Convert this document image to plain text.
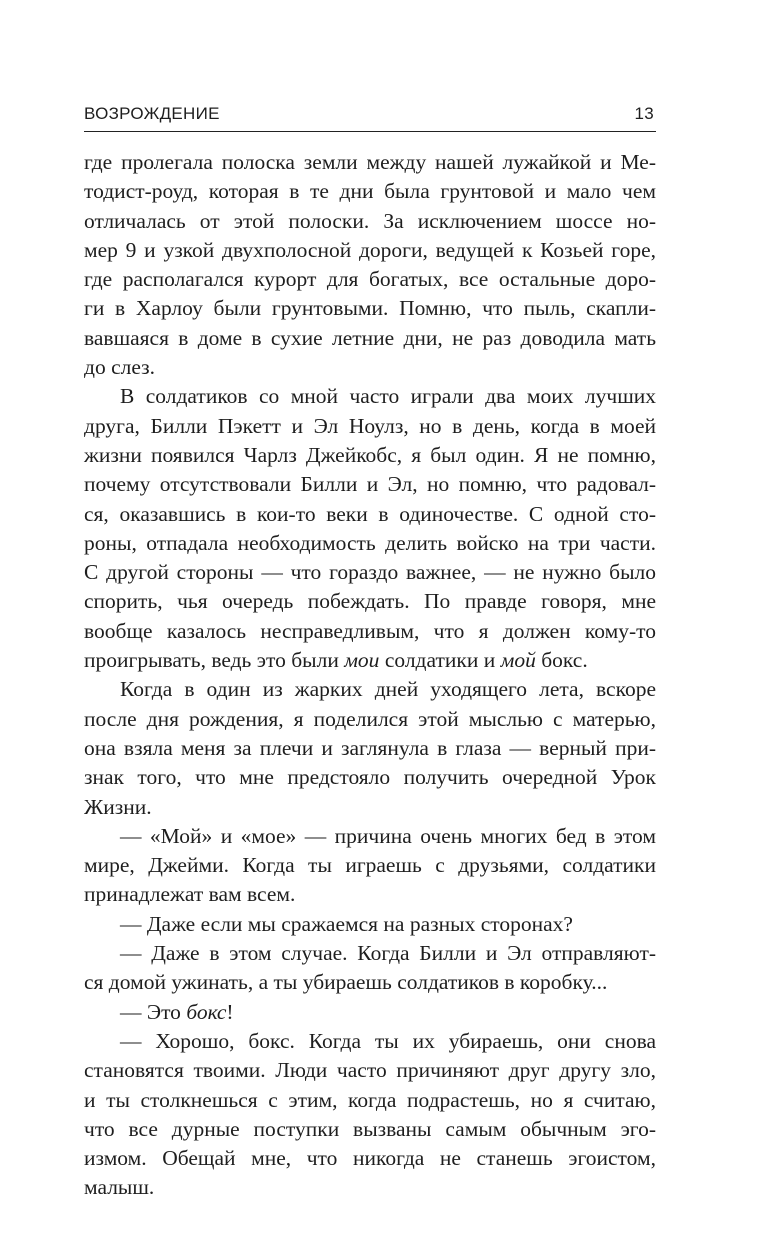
ВОЗРОЖДЕНИЕ	13
где пролегала полоска земли между нашей лужайкой и Ме-
тодист-роуд, которая в те дни была грунтовой и мало чем
отличалась от этой полоски. За исключением шоссе но-
мер 9 и узкой двухполосной дороги, ведущей к Козьей горе,
где располагался курорт для богатых, все остальные доро-
ги в Харлоу были грунтовыми. Помню, что пыль, скапли-
вавшаяся в доме в сухие летние дни, не раз доводила мать
до слез.
В солдатиков со мной часто играли два моих лучших
друга, Билли Пэкетт и Эл Ноулз, но в день, когда в моей
жизни появился Чарлз Джейкобс, я был один. Я не помню,
почему отсутствовали Билли и Эл, но помню, что радовал-
ся, оказавшись в кои-то веки в одиночестве. С одной сто-
роны, отпадала необходимость делить войско на три части.
С другой стороны — что гораздо важнее, — не нужно было
спорить, чья очередь побеждать. По правде говоря, мне
вообще казалось несправедливым, что я должен кому-то
проигрывать, ведь это были мои солдатики и мой бокс.
Когда в один из жарких дней уходящего лета, вскоре
после дня рождения, я поделился этой мыслью с матерью,
она взяла меня за плечи и заглянула в глаза — верный при-
знак того, что мне предстояло получить очередной Урок
Жизни.
— «Мой» и «мое» — причина очень многих бед в этом
мире, Джейми. Когда ты играешь с друзьями, солдатики
принадлежат вам всем.
— Даже если мы сражаемся на разных сторонах?
— Даже в этом случае. Когда Билли и Эл отправляют-
ся домой ужинать, а ты убираешь солдатиков в коробку...
— Это бокс!
— Хорошо, бокс. Когда ты их убираешь, они снова
становятся твоими. Люди часто причиняют друг другу зло,
и ты столкнешься с этим, когда подрастешь, но я считаю,
что все дурные поступки вызваны самым обычным эго-
измом. Обещай мне, что никогда не станешь эгоистом,
малыш.
